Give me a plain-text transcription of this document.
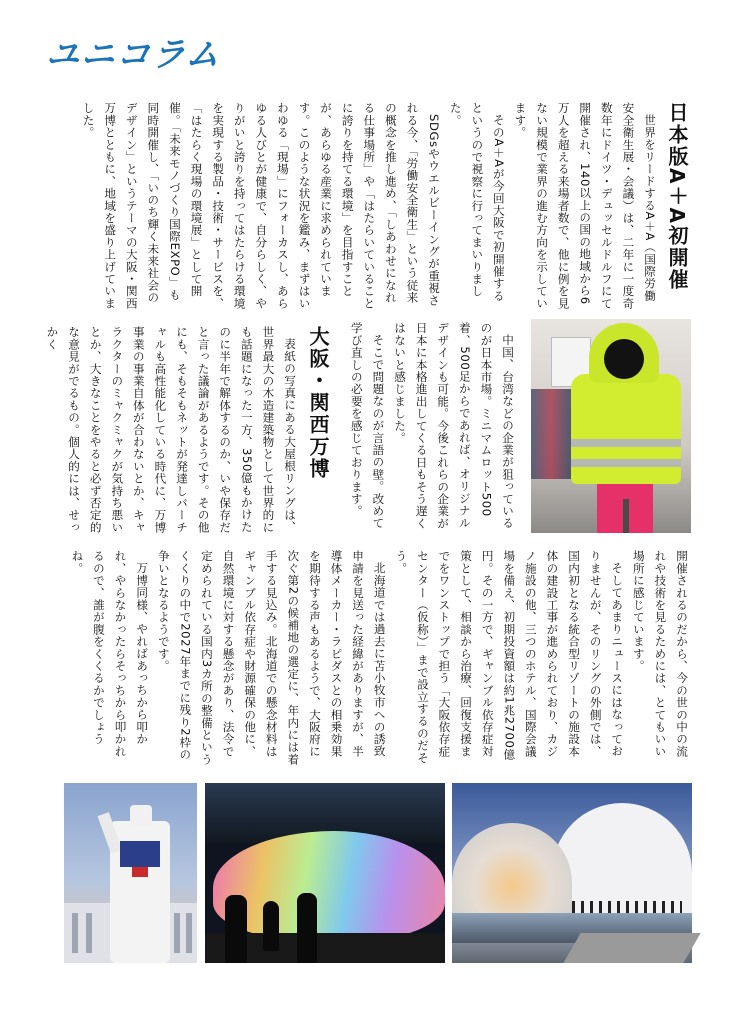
ユニコラム
日本版A＋A初開催

世界をリードするA＋A（国際労働安全衛生展・会議）は、二年に一度奇数年にドイツ・デュッセルドルフにて開催され、140以上の国の地域から6万人を超える来場者数で、他に例を見ない規模で業界の進む方向を示しています。

そのA＋Aが今回大阪で初開催するというので視察に行ってまいりました。

SDGsやウエルビーイングが重視される今、「労働安全衛生」という従来の概念を推し進め、「しあわせになれる仕事場所」や「はたらいていることに誇りを持てる環境」を目指すことが、あらゆる産業に求められています。このような状況を鑑み、まずはいわゆる「現場」にフォーカスし、あらゆる人びとが健康で、自分らしく、やりがいと誇りを持ってはたらける環境を実現する製品・技術・サービスを、「はたらく現場の環境展」として開催。「未来モノづくり国際EXPO」も同時開催し、「いのち輝く未来社会のデザイン」というテーマの大阪・関西万博とともに、地域を盛り上げていました。

中国、台湾などの企業が狙っているのが日本市場。ミニマムロット500着、500足からであれば、オリジナルデザインも可能。今後これらの企業が日本に本格進出してくる日もそう遅くはないと感じました。

そこで問題なのが言語の壁。改めて学び直しの必要を感じております。

大阪・関西万博

表紙の写真にある大屋根リングは、世界最大の木造建築物として世界的にも話題になった一方、350億もかけたのに半年で解体するのか、いや保存だと言った議論があるようです。その他にも、そもそもネットが発達しバーチャルも高性能化している時代に、万博事業の事業自体が合わないとか、キャラクターのミャクミャクが気持ち悪いとか、大きなことをやると必ず否定的な意見がでるもの。個人的には、せっかく

開催されるのだから、今の世の中の流れや技術を見るためには、とてもいい場所に感じています。

そしてあまりニュースにはなっておりませんが、そのリングの外側では、国内初となる統合型リゾートの施設本体の建設工事が進められており、カジノ施設の他、三つのホテル、国際会議場を備え、初期投資額は約1兆2700億円。その一方で、ギャンブル依存症対策として、相談から治療、回復支援までをワンストップで担う「大阪依存症センター（仮称）」まで設立するのだそう。

北海道では過去に苫小牧市への誘致申請を見送った経緯がありますが、半導体メーカー・ラピダスとの相乗効果を期待する声もあるようで、大阪府に次ぐ第2の候補地の選定に、年内には着手する見込み。北海道での懸念材料はギャンブル依存症や財源確保の他に、自然環境に対する懸念があり、法令で定められている国内3カ所の整備というくくりの中で2027年までに残り2枠の争いとなるようです。

万博同様、やればあっちから叩かれ、やらなかったらそっちから叩かれるので、誰が腹をくくるかでしょうね。
